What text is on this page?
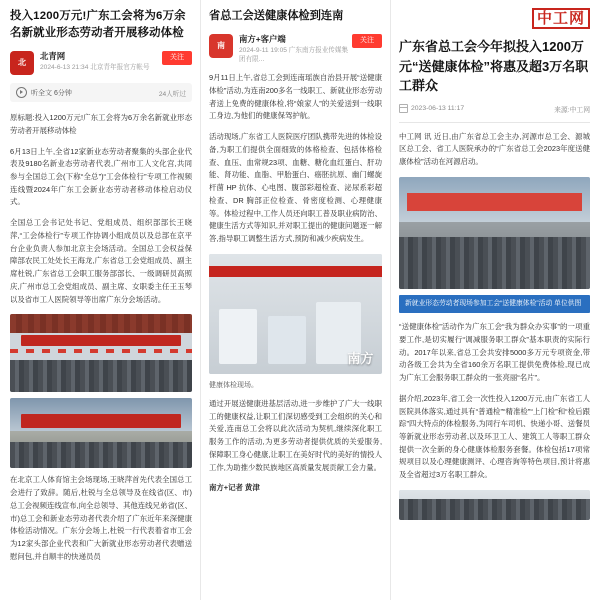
投入1200万元!广东工会将为6万余名新就业形态劳动者开展移动体检
北
北青网
2024-6-13 21:34 北京青年报官方帐号
关注
听全文 6分钟	24人听过

原标题:投入1200万元!广东工会将为6万余名新就业形态劳动者开展移动体检

6月13日上午,全省12家新业态劳动者聚集的头部企业代表及9180名新业态劳动者代表,广州市工人文化宫,共同参与全国总工会(下称“全总”)“工会体检行”专项工作视频连线暨2024年广东工会新业态劳动者移动体检启动仪式。

全国总工会书记处书记、党组成员、组织部部长王晓萍,“工会体检行”专项工作协调小组成员以及总部在京平台企业负责人参加北京主会场活动。全国总工会权益保障部农民工处处长王海龙,广东省总工会党组成员、副主席杜锐,广东省总工会职工服务部部长、一级调研员高照庆,广州市总工会党组成员、副主席、女职委主任王玉琴以及省市工人医院领导等出席广东分会场活动。

在北京工人体育馆主会场现场,王晓萍首先代表全国总工会进行了致辞。随后,杜锐与全总领导及在线省(区、市)总工会视频连线宣布,向全总领导、其他连线兄弟省(区、市)总工会和新业态劳动者代表介绍了广东近年来深健康体检活动情况。广东分会场上,杜锐一行代表着省市工会为12家头部企业代表和广大新就业形态劳动者代表赠送慰问包,并自顺丰的快递员员

省总工会送健康体检到连南
南
南方+客户端
2024-9-11 19:05 广东南方报业传媒集团有限...
关注

9月11日上午,省总工会到连南瑶族自治县开展“送健康体检”活动,为连南200多名一线职工、新就业形态劳动者送上免费的健康体检,将“娘家人”的关爱送到一线职工身边,为他们的健康保驾护航。

活动现场,广东省工人医院医疗团队携带先进的体检设备,为职工们提供全面细致的体格检查、包括体格检查、血压、血常规23项、血糖、糖化血红蛋白、肝功能、肾功能、血脂、甲胎蛋白、癌胚抗原、幽门螺旋杆菌 HP 抗体、心电图、腹部彩超检查、泌尿系彩超检查、DR 胸部正位检查、骨密度检测、心理健康等。体检过程中,工作人员还向职工普及职业病防治、健康生活方式等知识,并对职工提出的健康问题逐一解答,指导职工调整生活方式,预防和减少疾病发生。

南方

健康体检现场。

通过开展送健康进基层活动,进一步维护了广大一线职工的健康权益,让职工们深切感受到工会组织的关心和关爱,连南总工会将以此次活动为契机,继续深化职工服务工作的活动,为更多劳动者提供优质的关爱服务,保障职工身心健康,让职工在美好时代的美好的情投人工作,为助推少数民族地区高质量发展贡献工会力量。

南方+记者 黄津

中工网
广东省总工会今年拟投入1200万元“送健康体检”将惠及超3万名职工群众
2023-06-13 11:17	来源:中工网

中工网 讯 近日,由广东省总工会主办,河源市总工会、源城区总工会、省工人医院承办的“广东省总工会2023年度送健康体检”活动在河源启动。

新就业形态劳动者现场参加工会“送健康体检”活动 单位供图

“送健康体检”活动作为广东工会“我为群众办实事”的一项重要工作,是切实履行“调减服务职工群众”基本职责的实际行动。2017年以来,省总工会共安排5000多万元专项资金,带动各级工会共为全省160余万名职工提供免费体检,现已成为广东工会服务职工群众的一张亮丽“名片”。

据介绍,2023年,省工会一次性投入1200万元,由广东省工人医院具体落实,通过具有“普通检”“精准检”“上门检”和“检后跟踪”四大特点的体检服务,为同行车司机、快递小哥、送餐员等新就业形态劳动者,以及环卫工人、建筑工人等职工群众提供一次全新的身心健康体检服务套餐。体检包括17项常规项目以及心理健康测评、心理咨询等特色项目,预计将惠及全省超过3万名职工群众。
